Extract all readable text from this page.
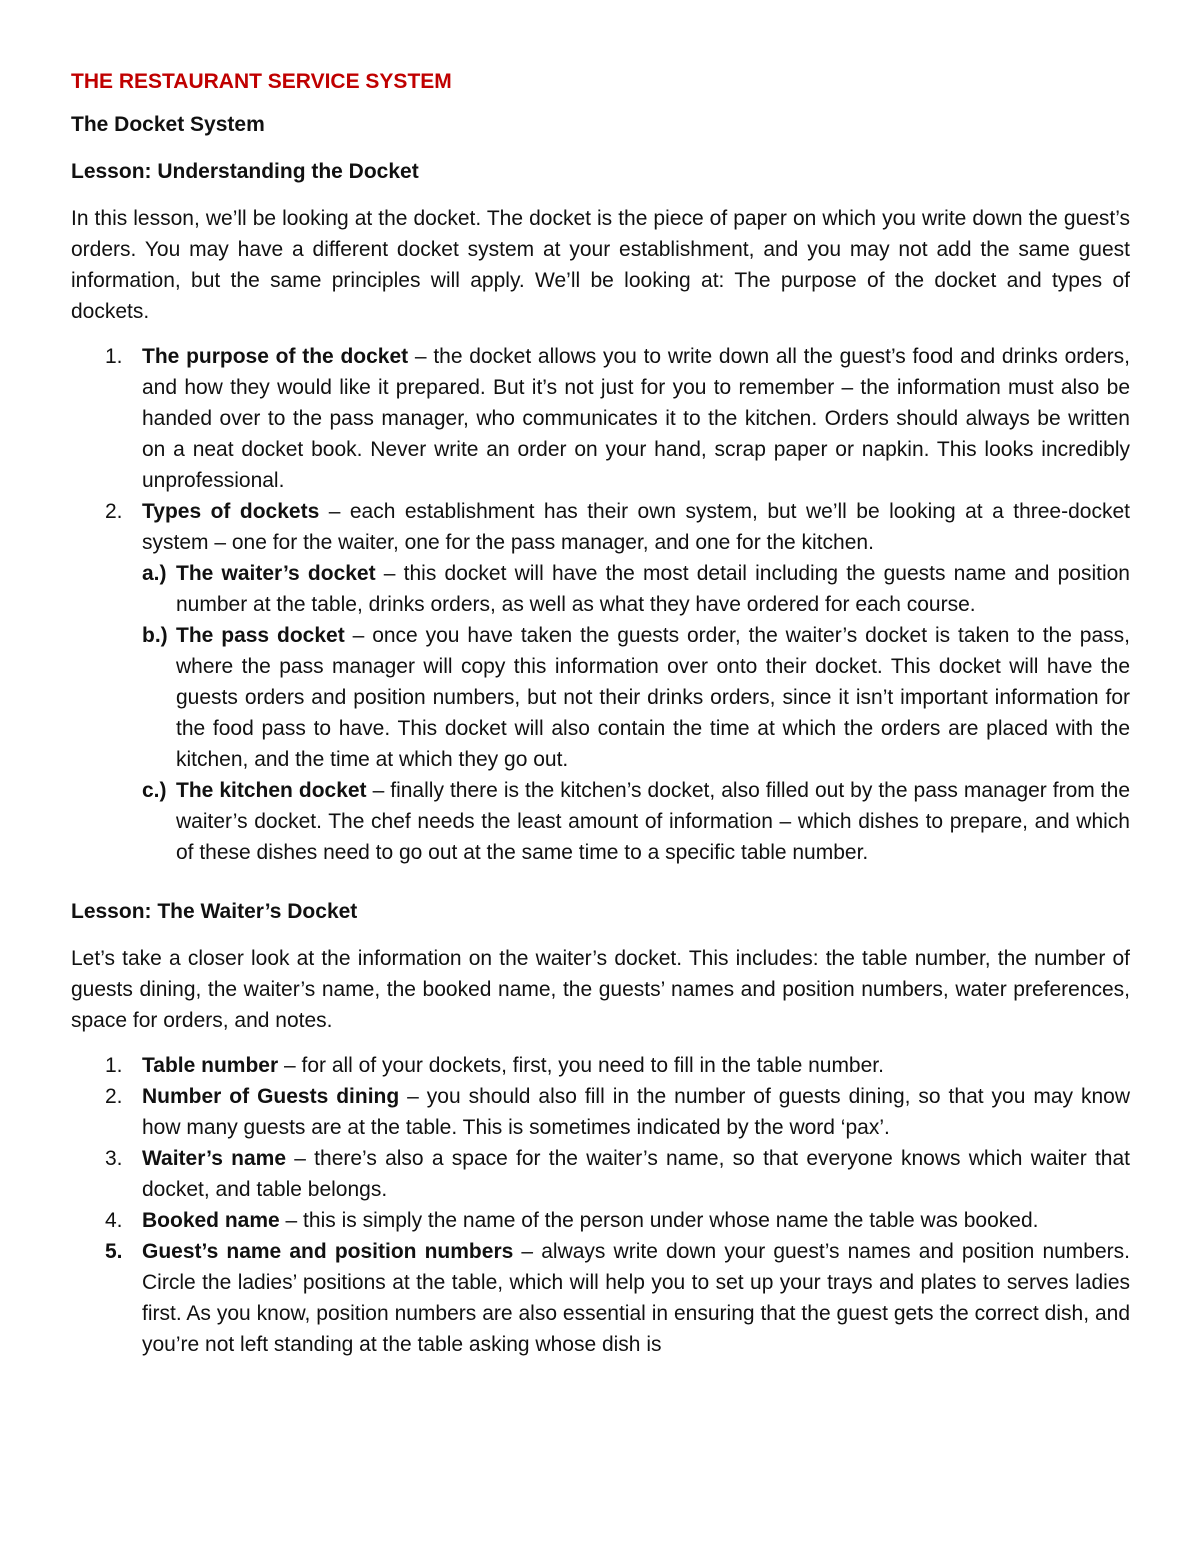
THE RESTAURANT SERVICE SYSTEM
The Docket System
Lesson: Understanding the Docket

In this lesson, we’ll be looking at the docket. The docket is the piece of paper on which you write down the guest’s orders. You may have a different docket system at your establishment, and you may not add the same guest information, but the same principles will apply. We’ll be looking at: The purpose of the docket and types of dockets.

1. The purpose of the docket – the docket allows you to write down all the guest’s food and drinks orders, and how they would like it prepared. But it’s not just for you to remember – the information must also be handed over to the pass manager, who communicates it to the kitchen. Orders should always be written on a neat docket book. Never write an order on your hand, scrap paper or napkin. This looks incredibly unprofessional.
2. Types of dockets – each establishment has their own system, but we’ll be looking at a three-docket system – one for the waiter, one for the pass manager, and one for the kitchen.
a.) The waiter’s docket – this docket will have the most detail including the guests name and position number at the table, drinks orders, as well as what they have ordered for each course.
b.) The pass docket – once you have taken the guests order, the waiter’s docket is taken to the pass, where the pass manager will copy this information over onto their docket. This docket will have the guests orders and position numbers, but not their drinks orders, since it isn’t important information for the food pass to have. This docket will also contain the time at which the orders are placed with the kitchen, and the time at which they go out.
c.) The kitchen docket – finally there is the kitchen’s docket, also filled out by the pass manager from the waiter’s docket. The chef needs the least amount of information – which dishes to prepare, and which of these dishes need to go out at the same time to a specific table number.
Lesson: The Waiter’s Docket

Let’s take a closer look at the information on the waiter’s docket. This includes: the table number, the number of guests dining, the waiter’s name, the booked name, the guests’ names and position numbers, water preferences, space for orders, and notes.

1. Table number – for all of your dockets, first, you need to fill in the table number.
2. Number of Guests dining – you should also fill in the number of guests dining, so that you may know how many guests are at the table. This is sometimes indicated by the word ‘pax’.
3. Waiter’s name – there’s also a space for the waiter’s name, so that everyone knows which waiter that docket, and table belongs.
4. Booked name – this is simply the name of the person under whose name the table was booked.
5. Guest’s name and position numbers – always write down your guest’s names and position numbers. Circle the ladies’ positions at the table, which will help you to set up your trays and plates to serves ladies first. As you know, position numbers are also essential in ensuring that the guest gets the correct dish, and you’re not left standing at the table asking whose dish is
